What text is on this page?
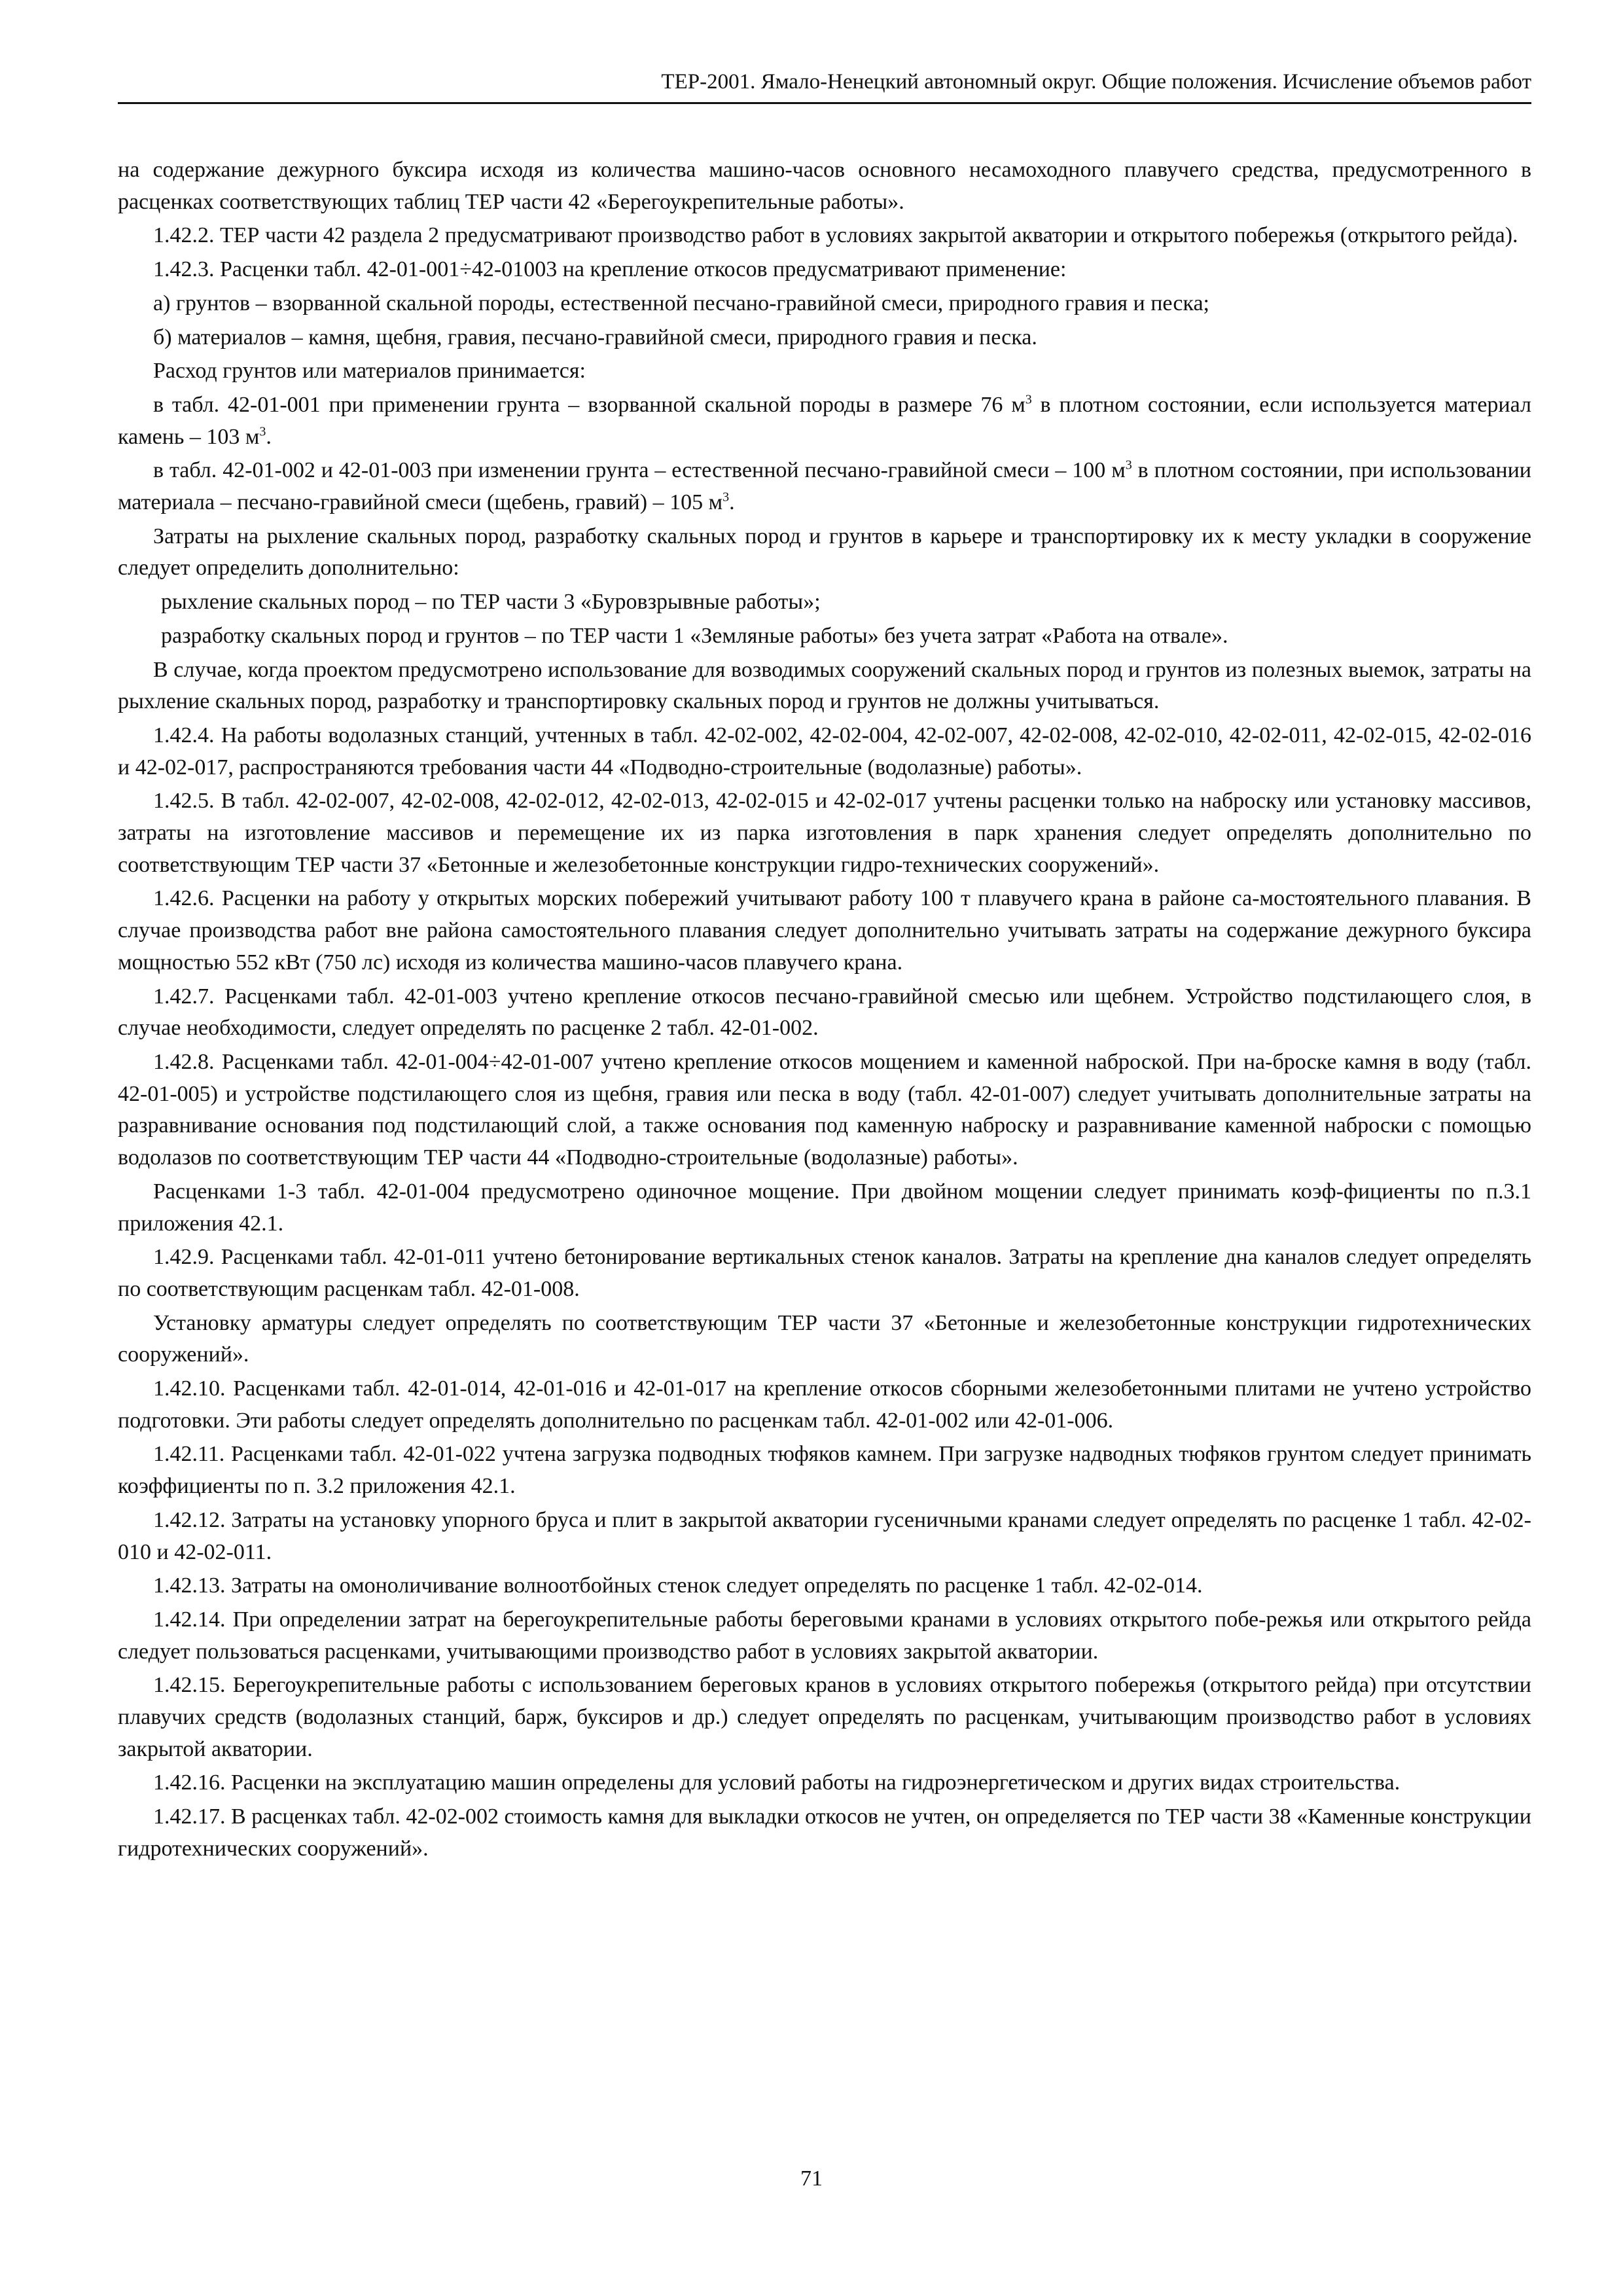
ТЕР-2001. Ямало-Ненецкий автономный округ. Общие положения. Исчисление объемов работ

на содержание дежурного буксира исходя из количества машино-часов основного несамоходного плавучего средства, предусмотренного в расценках соответствующих таблиц ТЕР части 42 «Берегоукрепительные работы».

1.42.2. ТЕР части 42 раздела 2 предусматривают производство работ в условиях закрытой акватории и открытого побережья (открытого рейда).

1.42.3. Расценки табл. 42-01-001÷42-01003 на крепление откосов предусматривают применение:

а) грунтов – взорванной скальной породы, естественной песчано-гравийной смеси, природного гравия и песка;

б) материалов – камня, щебня, гравия, песчано-гравийной смеси, природного гравия и песка.

Расход грунтов или материалов принимается:

в табл. 42-01-001 при применении грунта – взорванной скальной породы в размере 76 $м^3$ в плотном состоянии, если используется материал камень – 103 $м^3$.

в табл. 42-01-002 и 42-01-003 при изменении грунта – естественной песчано-гравийной смеси – 100 $м^3$ в плотном состоянии, при использовании материала – песчано-гравийной смеси (щебень, гравий) – 105 $м^3$.

Затраты на рыхление скальных пород, разработку скальных пород и грунтов в карьере и транспортировку их к месту укладки в сооружение следует определить дополнительно:

рыхление скальных пород – по ТЕР части 3 «Буровзрывные работы»;

разработку скальных пород и грунтов – по ТЕР части 1 «Земляные работы» без учета затрат «Работа на отвале».

В случае, когда проектом предусмотрено использование для возводимых сооружений скальных пород и грунтов из полезных выемок, затраты на рыхление скальных пород, разработку и транспортировку скальных пород и грунтов не должны учитываться.

1.42.4. На работы водолазных станций, учтенных в табл. 42-02-002, 42-02-004, 42-02-007, 42-02-008, 42-02-010, 42-02-011, 42-02-015, 42-02-016 и 42-02-017, распространяются требования части 44 «Подводно-строительные (водолазные) работы».

1.42.5. В табл. 42-02-007, 42-02-008, 42-02-012, 42-02-013, 42-02-015 и 42-02-017 учтены расценки только на наброску или установку массивов, затраты на изготовление массивов и перемещение их из парка изготовления в парк хранения следует определять дополнительно по соответствующим ТЕР части 37 «Бетонные и железобетонные конструкции гидро-технических сооружений».

1.42.6. Расценки на работу у открытых морских побережий учитывают работу 100 т плавучего крана в районе са-мостоятельного плавания. В случае производства работ вне района самостоятельного плавания следует дополнительно учитывать затраты на содержание дежурного буксира мощностью 552 кВт (750 лс) исходя из количества машино-часов плавучего крана.

1.42.7. Расценками табл. 42-01-003 учтено крепление откосов песчано-гравийной смесью или щебнем. Устройство подстилающего слоя, в случае необходимости, следует определять по расценке 2 табл. 42-01-002.

1.42.8. Расценками табл. 42-01-004÷42-01-007 учтено крепление откосов мощением и каменной наброской. При на-броске камня в воду (табл. 42-01-005) и устройстве подстилающего слоя из щебня, гравия или песка в воду (табл. 42-01-007) следует учитывать дополнительные затраты на разравнивание основания под подстилающий слой, а также основания под каменную наброску и разравнивание каменной наброски с помощью водолазов по соответствующим ТЕР части 44 «Подводно-строительные (водолазные) работы».

Расценками 1-3 табл. 42-01-004 предусмотрено одиночное мощение. При двойном мощении следует принимать коэф-фициенты по п.3.1 приложения 42.1.

1.42.9. Расценками табл. 42-01-011 учтено бетонирование вертикальных стенок каналов. Затраты на крепление дна каналов следует определять по соответствующим расценкам табл. 42-01-008.

Установку арматуры следует определять по соответствующим ТЕР части 37 «Бетонные и железобетонные конструкции гидротехнических сооружений».

1.42.10. Расценками табл. 42-01-014, 42-01-016 и 42-01-017 на крепление откосов сборными железобетонными плитами не учтено устройство подготовки. Эти работы следует определять дополнительно по расценкам табл. 42-01-002 или 42-01-006.

1.42.11. Расценками табл. 42-01-022 учтена загрузка подводных тюфяков камнем. При загрузке надводных тюфяков грунтом следует принимать коэффициенты по п. 3.2 приложения 42.1.

1.42.12. Затраты на установку упорного бруса и плит в закрытой акватории гусеничными кранами следует определять по расценке 1 табл. 42-02-010 и 42-02-011.

1.42.13. Затраты на омоноличивание волноотбойных стенок следует определять по расценке 1 табл. 42-02-014.

1.42.14. При определении затрат на берегоукрепительные работы береговыми кранами в условиях открытого побе-режья или открытого рейда следует пользоваться расценками, учитывающими производство работ в условиях закрытой акватории.

1.42.15. Берегоукрепительные работы с использованием береговых кранов в условиях открытого побережья (открытого рейда) при отсутствии плавучих средств (водолазных станций, барж, буксиров и др.) следует определять по расценкам, учитывающим производство работ в условиях закрытой акватории.

1.42.16. Расценки на эксплуатацию машин определены для условий работы на гидроэнергетическом и других видах строительства.

1.42.17. В расценках табл. 42-02-002 стоимость камня для выкладки откосов не учтен, он определяется по ТЕР части 38 «Каменные конструкции гидротехнических сооружений».

71
